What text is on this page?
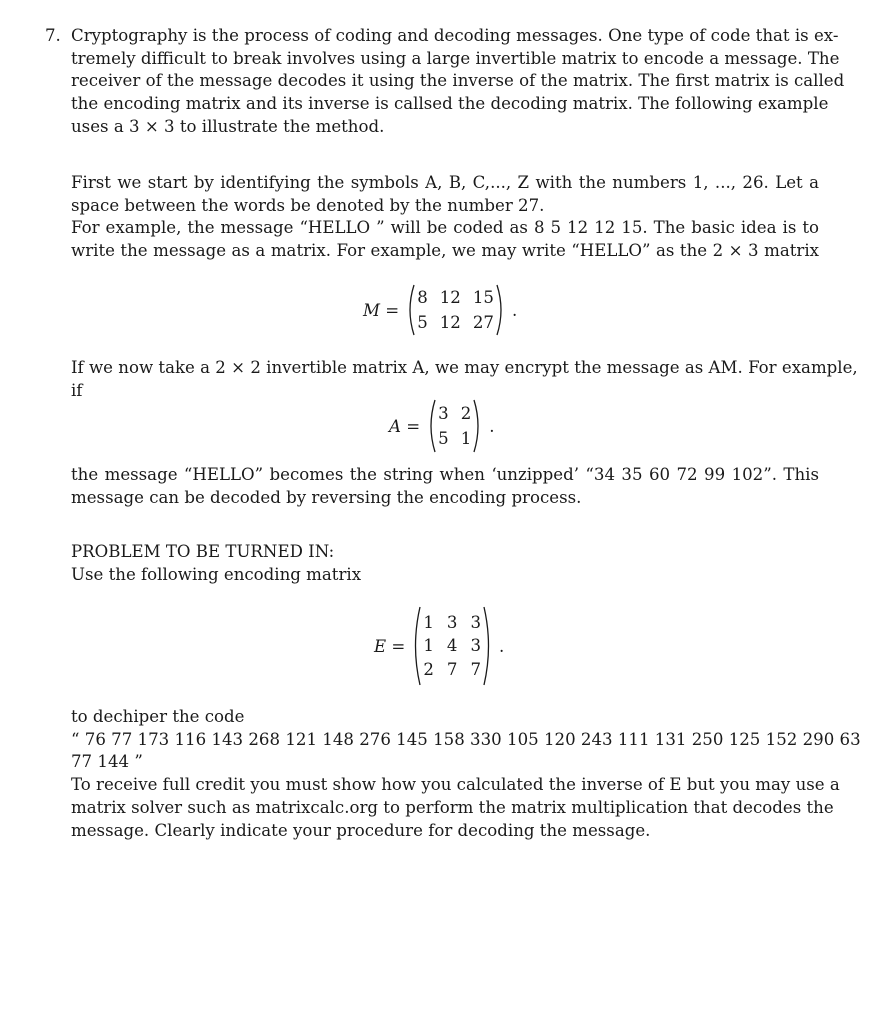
7. Cryptography is the process of coding and decoding messages. One type of code that is ex-
tremely difficult to break involves using a large invertible matrix to encode a message. The
receiver of the message decodes it using the inverse of the matrix. The first matrix is called
the encoding matrix and its inverse is callsed the decoding matrix. The following example
uses a 3 × 3 to illustrate the method.
First we start by identifying the symbols A, B, C,..., Z with the numbers 1, ..., 26. Let a
space between the words be denoted by the number 27.
For example, the message “HELLO ” will be coded as 8 5 12 12 15. The basic idea is to
write the message as a matrix. For example, we may write “HELLO” as the 2 × 3 matrix
M =
8 12 15
5 12 27
.
If we now take a 2 × 2 invertible matrix A, we may encrypt the message as AM. For example,
if
A =
3 2
5 1
.
the message “HELLO” becomes the string when ‘unzipped’ “34 35 60 72 99 102”. This
message can be decoded by reversing the encoding process.
PROBLEM TO BE TURNED IN:
Use the following encoding matrix
E =
1 3 3
1 4 3
2 7 7
.
to dechiper the code
“ 76 77 173 116 143 268 121 148 276 145 158 330 105 120 243 111 131 250 125 152 290 63
77 144 ”
To receive full credit you must show how you calculated the inverse of E but you may use a
matrix solver such as matrixcalc.org to perform the matrix multiplication that decodes the
message. Clearly indicate your procedure for decoding the message.
